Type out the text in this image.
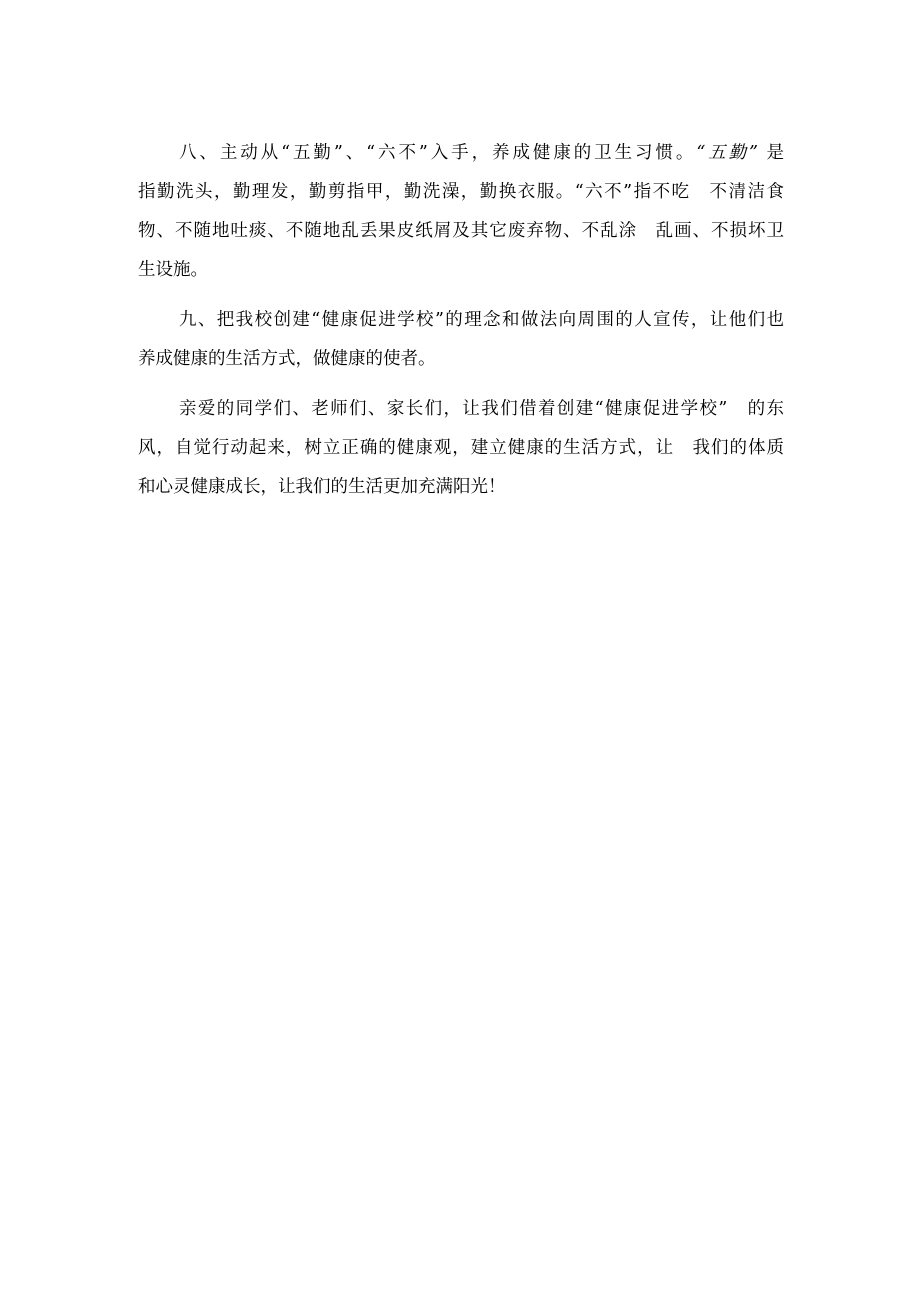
八、主动从“五勤”、“六不”入手，养成健康的卫生习惯。“五勤” 是
指勤洗头，勤理发，勤剪指甲，勤洗澡，勤换衣服。“六不”指不吃　不清洁食
物、不随地吐痰、不随地乱丢果皮纸屑及其它废弃物、不乱涂　乱画、不损坏卫
生设施。

九、把我校创建“健康促进学校”的理念和做法向周围的人宣传，让他们也
养成健康的生活方式，做健康的使者。

亲爱的同学们、老师们、家长们，让我们借着创建“健康促进学校”　的东
风，自觉行动起来，树立正确的健康观，建立健康的生活方式，让　我们的体质
和心灵健康成长，让我们的生活更加充满阳光！
